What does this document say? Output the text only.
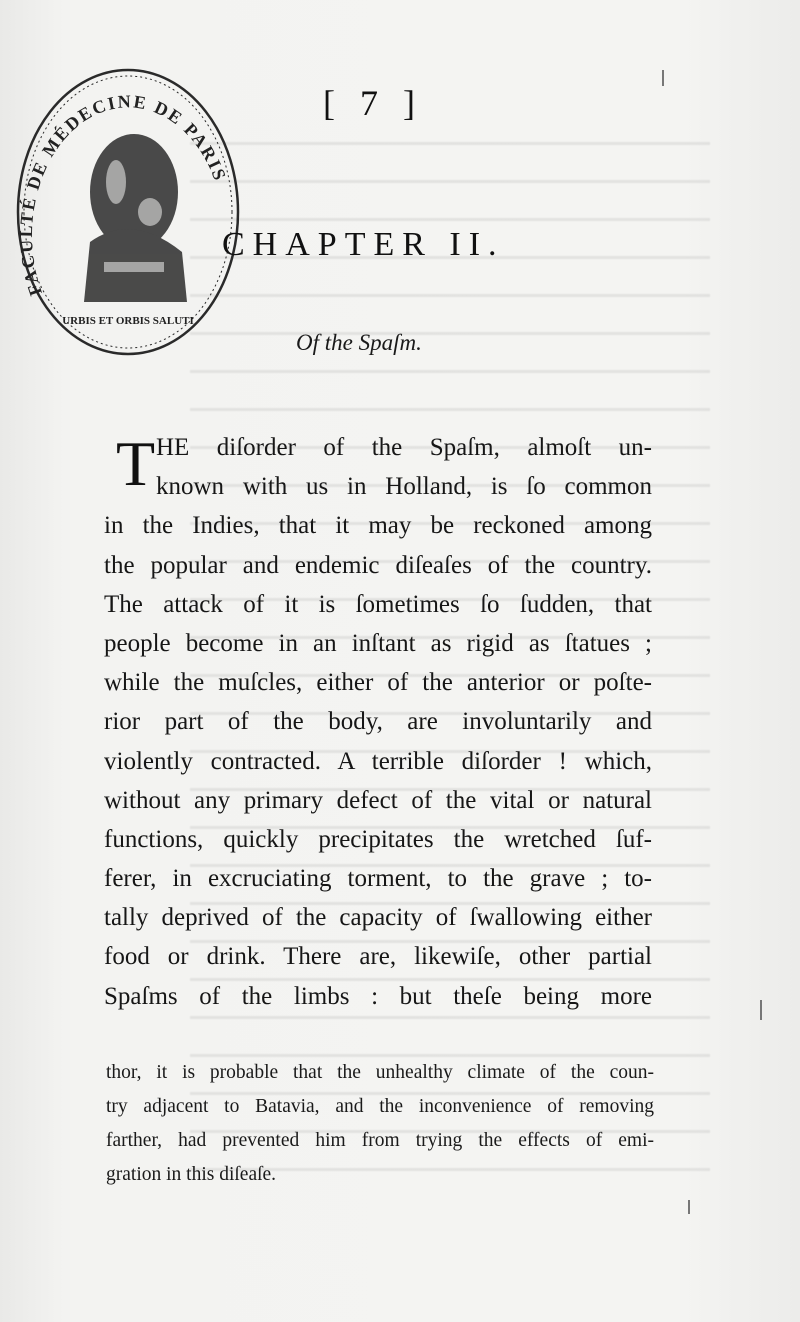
[ 7 ]
FACULTÉ DE MÉDECINE DE PARIS
URBIS ET ORBIS SALUTI
CHAPTER II.
Of the Spaſm.
T HE diſorder of the Spaſm, almoſt un-
known with us in Holland, is ſo common
in the Indies, that it may be reckoned among
the popular and endemic diſeaſes of the country.
The attack of it is ſometimes ſo ſudden, that
people become in an inſtant as rigid as ſtatues ;
while the muſcles, either of the anterior or poſte-
rior part of the body, are involuntarily and
violently contracted. A terrible diſorder ! which,
without any primary defect of the vital or natural
functions, quickly precipitates the wretched ſuf-
ferer, in excruciating torment, to the grave ; to-
tally deprived of the capacity of ſwallowing either
food or drink. There are, likewiſe, other partial
Spaſms of the limbs : but theſe being more
thor, it is probable that the unhealthy climate of the coun-
try adjacent to Batavia, and the inconvenience of removing
farther, had prevented him from trying the effects of emi-
gration in this diſeaſe.
